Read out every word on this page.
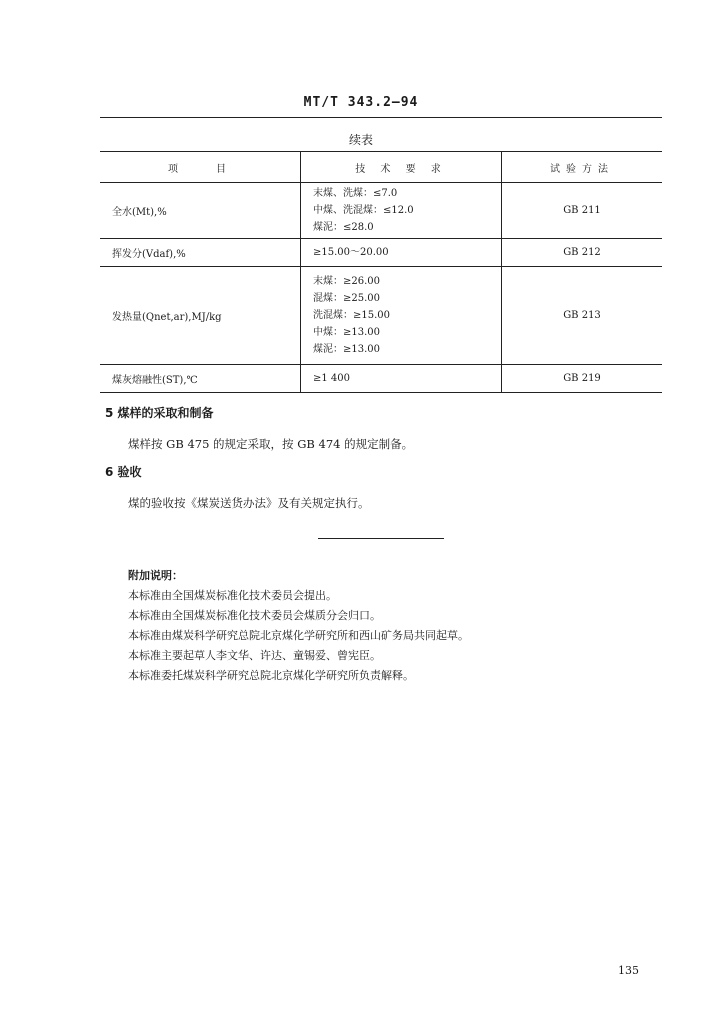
MT/T 343.2—94
续表
项　　目	技 术 要 求	试验方法
全水(Mt),%	末煤、洗煤：≤7.0
中煤、洗混煤：≤12.0
煤泥：≤28.0	GB 211
挥发分(Vdaf),%	≥15.00～20.00	GB 212
发热量(Qnet,ar),MJ/kg	末煤：≥26.00
混煤：≥25.00
洗混煤：≥15.00
中煤：≥13.00
煤泥：≥13.00	GB 213
煤灰熔融性(ST),℃	≥1 400	GB 219
5 煤样的采取和制备
煤样按 GB 475 的规定采取，按 GB 474 的规定制备。
6 验收
煤的验收按《煤炭送货办法》及有关规定执行。
附加说明：
本标准由全国煤炭标准化技术委员会提出。
本标准由全国煤炭标准化技术委员会煤质分会归口。
本标准由煤炭科学研究总院北京煤化学研究所和西山矿务局共同起草。
本标准主要起草人李文华、许达、童锡爱、曾宪臣。
本标准委托煤炭科学研究总院北京煤化学研究所负责解释。
135
